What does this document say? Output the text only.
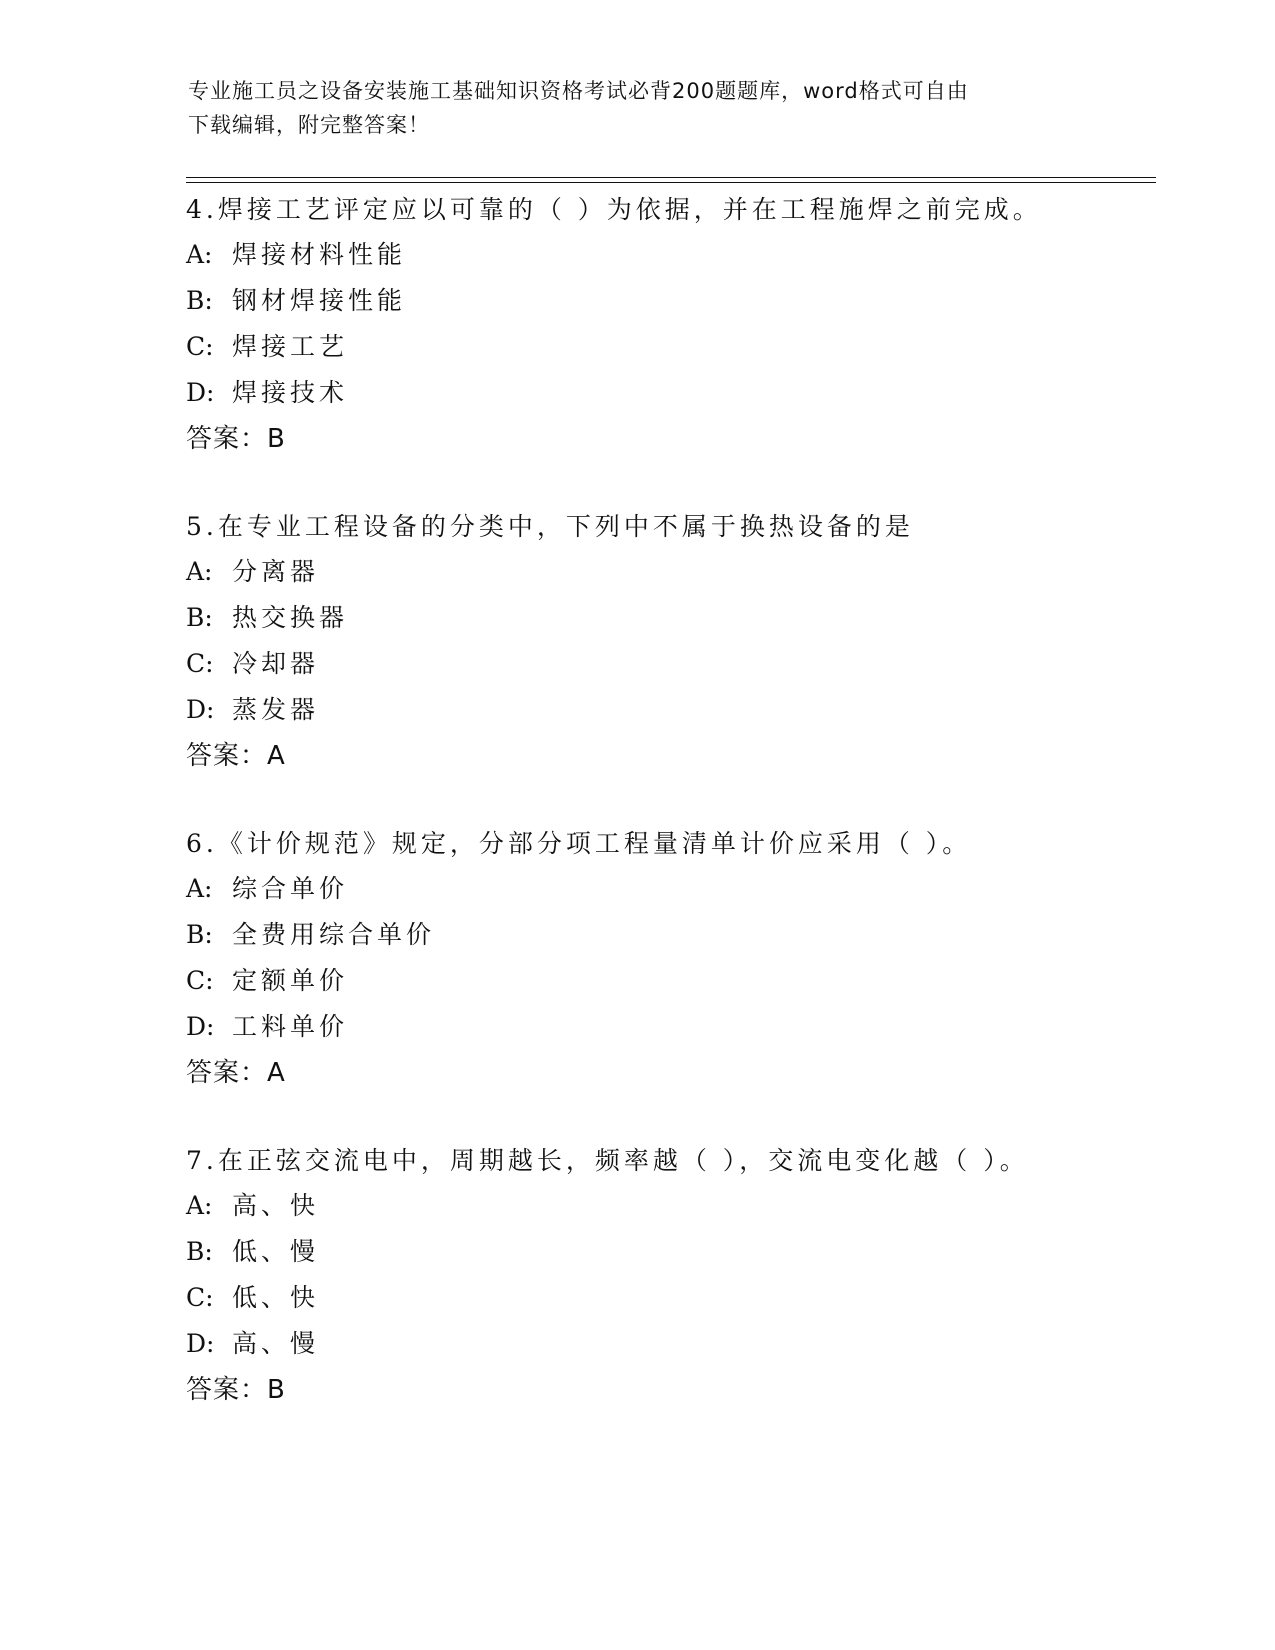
专业施工员之设备安装施工基础知识资格考试必背200题题库，word格式可自由
下载编辑，附完整答案！
4.焊接工艺评定应以可靠的（ ）为依据，并在工程施焊之前完成。
A: 焊接材料性能
B: 钢材焊接性能
C: 焊接工艺
D: 焊接技术
答案：B
5.在专业工程设备的分类中，下列中不属于换热设备的是
A: 分离器
B: 热交换器
C: 冷却器
D: 蒸发器
答案：A
6.《计价规范》规定，分部分项工程量清单计价应采用（ ）。
A: 综合单价
B: 全费用综合单价
C: 定额单价
D: 工料单价
答案：A
7.在正弦交流电中，周期越长，频率越（ ），交流电变化越（ ）。
A: 高、快
B: 低、慢
C: 低、快
D: 高、慢
答案：B
